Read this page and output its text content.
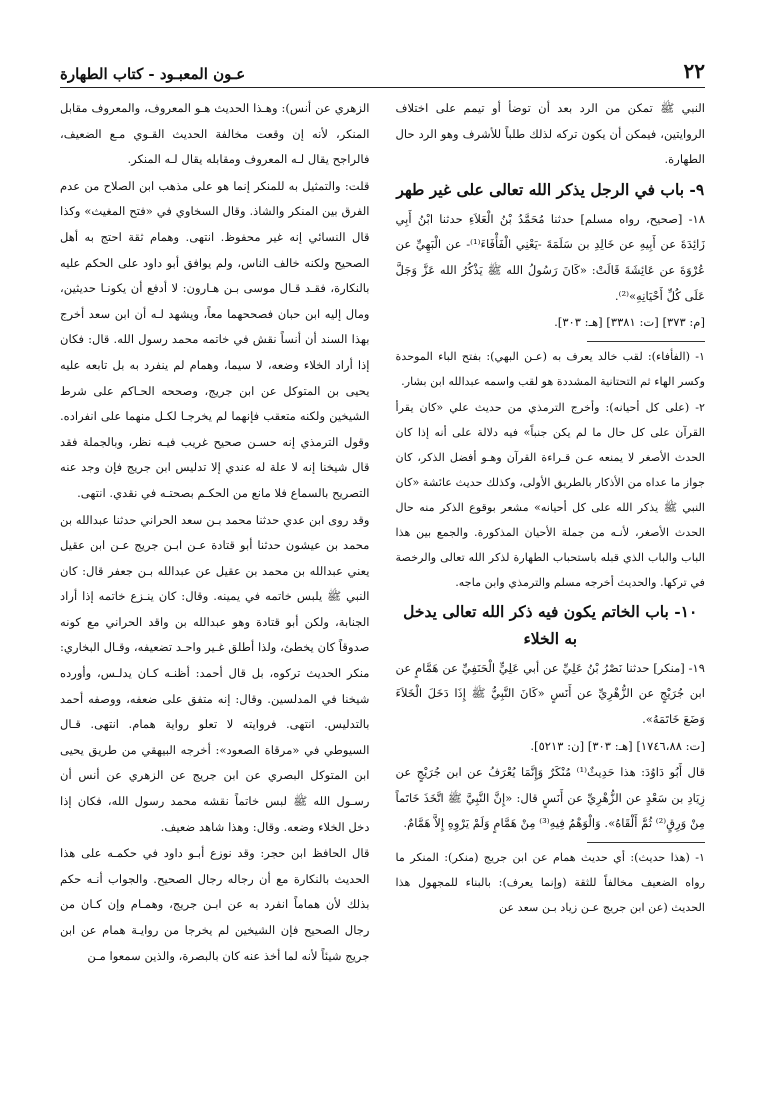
٢٢
عـون المعبـود - كتاب الطهارة

النبي ﷺ تمكن من الرد بعد أن توضأ أو تيمم على اختلاف الروايتين، فيمكن أن يكون تركه لذلك طلباً للأشرف وهو الرد حال الطهارة.

٩- باب في الرجل يذكر الله تعالى على غير طهر

١٨- [صحيح، رواه مسلم] حدثنا مُحَمَّدُ بْنُ الْعَلاَءِ حدثنا ابْنُ أَبِي زَائِدَةَ عن أَبِيهِ عن خَالِدِ بن سَلَمَةَ -يَعْنِي الْفَأْفَاءَ⁽¹⁾- عن الْبَهِيِّ عن عُرْوَةَ عن عَائِشَةَ قَالَتْ: «كَانَ رَسُولُ الله ﷺ يَذْكُرُ الله عَزَّ وَجَلَّ عَلَى كُلِّ أَحْيَانِهِ»⁽²⁾.

[م: ٣٧٣] [ت: ٣٣٨١] [هـ: ٣٠٣].

١- (الفأفاء): لقب خالد يعرف به (عـن البهي): بفتح الباء الموحدة وكسر الهاء ثم التحتانية المشددة هو لقب واسمه عبدالله ابن بشار.

٢- (على كل أحيانه): وأخرج الترمذي من حديث علي «كان يقرأ القرآن على كل حال ما لم يكن جنباً» فيه دلالة على أنه إذا كان الحدث الأصغر لا يمنعه عـن قـراءة القرآن وهـو أفضل الذكر، كان جواز ما عداه من الأذكار بالطريق الأولى، وكذلك حديث عائشة «كان النبي ﷺ يذكر الله على كل أحيانه» مشعر بوقوع الذكر منه حال الحدث الأصغر، لأنـه من جملة الأحيان المذكورة. والجمع بين هذا الباب والباب الذي قبله باستحباب الطهارة لذكر الله تعالى والرخصة في تركها. والحديث أخرجه مسلم والترمذي وابن ماجه.

١٠- باب الخاتم يكون فيه ذكر الله تعالى يدخل به الخلاء

١٩- [منكر] حدثنا نَصْرُ بْنُ عَلِيِّ عن أبي عَلِيٍّ الْحَنَفِيِّ عن هَمَّامٍ عن ابن جُرَيْجٍ عن الزُّهْرِيِّ عن أَنَسٍ «كَانَ النَّبِيُّ ﷺ إِذَا دَخَلَ الْخَلاَءَ وَضَعَ خَاتَمَهُ».

[ت: ١٧٤٦،٨٨] [هـ: ٣٠٣] [ن: ٥٢١٣].

قال أَبُو دَاوُدَ: هذا حَدِيثٌ⁽¹⁾ مُنْكَرٌ وَإِنَّمَا يُعْرَفُ عن ابن جُرَيْجٍ عن زِيَادِ بن سَعْدٍ عن الزُّهْرِيِّ عن أَنَسٍ قال: «إِنَّ النَّبِيَّ ﷺ اتَّخَذَ خَاتَماً مِنْ وَرِقٍ⁽²⁾ ثُمَّ أَلْقَاهُ». وَالْوَهْمُ فِيهِ⁽³⁾ مِنْ هَمَّامٍ وَلَمْ يَرْوِهِ إِلاَّ هَمَّامٌ.

١- (هذا حديث): أي حديث همام عن ابن جريج (منكر): المنكر ما رواه الضعيف مخالفاً للثقة (وإنما يعرف): بالبناء للمجهول هذا الحديث (عن ابن جريج عـن زياد بـن سعد عن

الزهري عن أنس): وهـذا الحديث هـو المعروف، والمعروف مقابل المنكر، لأنه إن وقعت مخالفة الحديث القـوي مـع الضعيف، فالراجح يقال لـه المعروف ومقابله يقال لـه المنكر.

قلت: والتمثيل به للمنكر إنما هو على مذهب ابن الصلاح من عدم الفرق بين المنكر والشاذ. وقال السخاوي في «فتح المغيث» وكذا قال النسائي إنه غير محفوظ. انتهى. وهمام ثقة احتج به أهل الصحيح ولكنه خالف الناس، ولم يوافق أبو داود على الحكم عليه بالنكارة، فقـد قـال موسى بـن هـارون: لا أدفع أن يكونـا حديثين، ومال إليه ابن حبان فصححهما معاً، ويشهد لـه أن ابن سعد أخرج بهذا السند أن أنساً نقش في خاتمه محمد رسول الله. قال: فكان إذا أراد الخلاء وضعه، لا سيما، وهمام لم ينفرد به بل تابعه عليه يحيى بن المتوكل عن ابن جريج، وصححه الحـاكم على شرط الشيخين ولكنه متعقب فإنهما لم يخرجـا لكـل منهما على انفراده. وقول الترمذي إنه حسـن صحيح غريب فيـه نظر، وبالجملة فقد قال شيخنا إنه لا علة له عندي إلا تدليس ابن جريج فإن وجد عنه التصريح بالسماع فلا مانع من الحكـم بصحتـه في نقدي. انتهى.

وقد روى ابن عدي حدثنا محمد بـن سعد الحراني حدثنا عبدالله بن محمد بن عيشون حدثنا أبو قتادة عـن ابـن جريج عـن ابن عقيل يعني عبدالله بن محمد بن عقيل عن عبدالله بـن جعفر قال: كان النبي ﷺ يلبس خاتمه في يمينه. وقال: كان ينـزع خاتمه إذا أراد الجنابة، ولكن أبو قتادة وهو عبدالله بن واقد الحراني مع كونه صدوقاً كان يخطئ، ولذا أطلق غـير واحـد تضعيفه، وقـال البخاري: منكر الحديث تركوه، بل قال أحمد: أظنـه كـان يدلـس، وأورده شيخنا في المدلسين. وقال: إنه متفق على ضعفه، ووصفه أحمد بالتدليس. انتهى. فروايته لا تعلو رواية همام. انتهى. قـال السيوطي في «مرقاة الصعود»: أخرجه البيهقي من طريق يحيى ابن المتوكل البصري عن ابن جريج عن الزهري عن أنس أن رسـول الله ﷺ لبس خاتماً نقشه محمد رسول الله، فكان إذا دخل الخلاء وضعه. وقال: وهذا شاهد ضعيف.

قال الحافظ ابن حجر: وقد نوزع أبـو داود في حكمـه على هذا الحديث بالنكارة مع أن رجاله رجال الصحيح. والجواب أنـه حكم بذلك لأن هماماً انفرد به عن ابـن جريج، وهمـام وإن كـان من رجال الصحيح فإن الشيخين لم يخرجا من روايـة همام عن ابن جريج شيئاً لأنه لما أخذ عنه كان بالبصرة، والذين سمعوا مـن
